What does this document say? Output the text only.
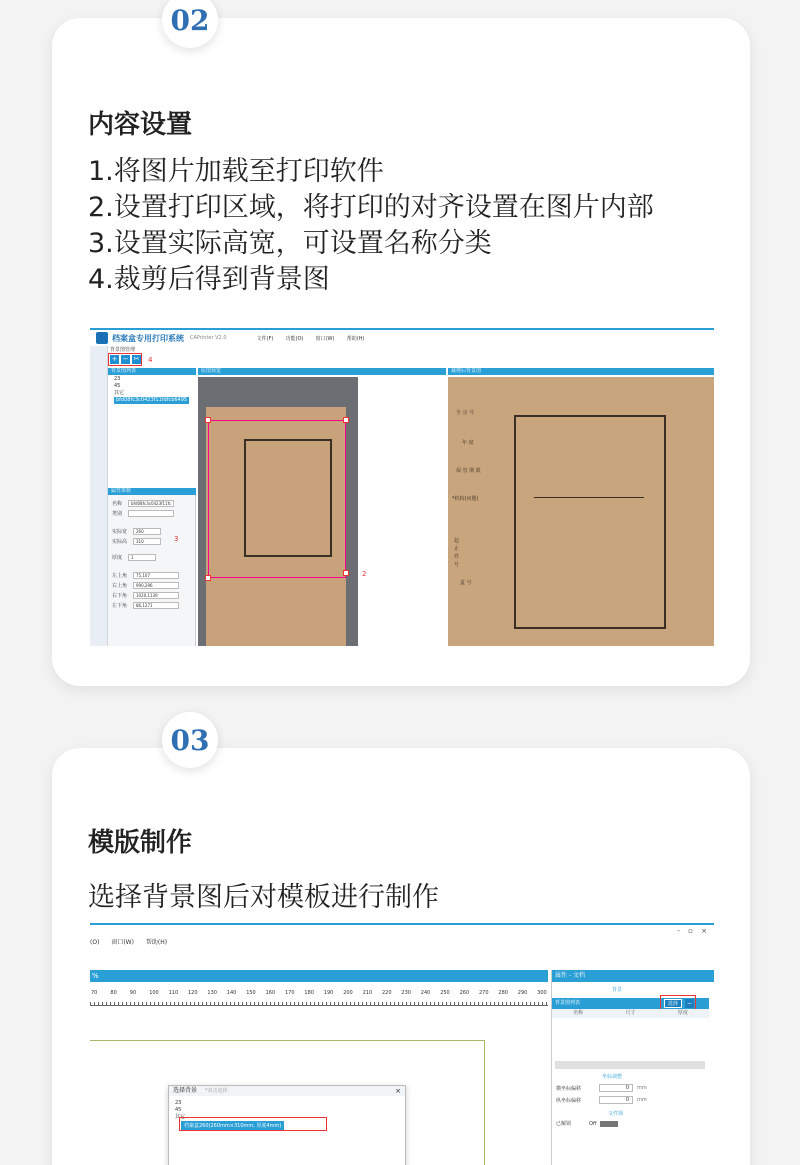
02
内容设置
1.将图片加载至打印软件
2.设置打印区域，将打印的对齐设置在图片内部
3.设置实际高宽，可设置名称分类
4.裁剪后得到背景图
档案盒专用打印系统 CAPrinter V2.0	文件(F) 功能(O) 窗口(W) 帮助(H)
背景图管理
+ − ✂ 4
背景图列表	原图预览	裁剪后背景图
23
45
其它
bfd08fc3c0423f11fdfcb6495
属性参数
名称	bfd08fc3c0423f11fc
类别
实际宽	260
实际高	310
厚度	1
左上角	75,107
右上角	990,296
右下角	1020,1139
左下角	86,1271
3
2
全 宗 号
年 度
保 管 期 限
*机构(问题)
起
止
件
号
盒 号
03
模版制作
选择背景图后对模板进行制作
- ▫ ×
(O) 窗口(W) 帮助(H)
%
70	80	90	100 110 120 130 140 150 160 170 180 190 200 210 220 230 240 250 260 270 280 290 300
选择背景 *双击选择	×
23
45
其它
档案盒260(260mm×310mm, 厚度4mm)
属性 - 文档
背景
背景图列表	选择	−
名称	尺寸	厚度
坐标调整
横坐标偏移	0	mm
纵坐标偏移	0	mm
文件锁
已解锁	Off
